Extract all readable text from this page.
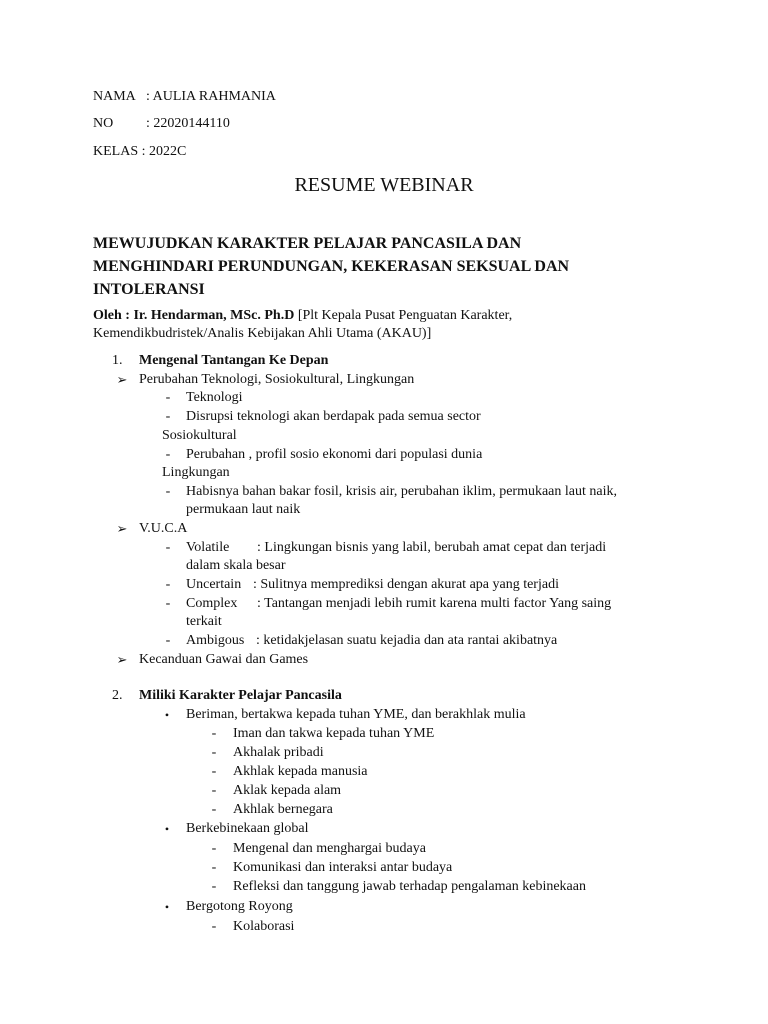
NAMA : AULIA RAHMANIA
NO : 22020144110
KELAS : 2022C
RESUME WEBINAR
MEWUJUDKAN KARAKTER PELAJAR PANCASILA DAN
MENGHINDARI PERUNDUNGAN, KEKERASAN SEKSUAL DAN
INTOLERANSI
Oleh : Ir. Hendarman, MSc. Ph.D [Plt Kepala Pusat Penguatan Karakter,
Kemendikbudristek/Analis Kebijakan Ahli Utama (AKAU)]
1. Mengenal Tantangan Ke Depan
➢ Perubahan Teknologi, Sosiokultural, Lingkungan
-	Teknologi
-	Disrupsi teknologi akan berdapak pada semua sector
Sosiokultural
-	Perubahan , profil sosio ekonomi dari populasi dunia
Lingkungan
-	Habisnya bahan bakar fosil, krisis air, perubahan iklim, permukaan laut naik,
permukaan laut naik
➢ V.U.C.A
-	Volatile : Lingkungan bisnis yang labil, berubah amat cepat dan terjadi
dalam skala besar
-	Uncertain : Sulitnya memprediksi dengan akurat apa yang terjadi
-	Complex : Tantangan menjadi lebih rumit karena multi factor Yang saing
terkait
-	Ambigous : ketidakjelasan suatu kejadia dan ata rantai akibatnya
➢ Kecanduan Gawai dan Games
2. Miliki Karakter Pelajar Pancasila
•	Beriman, bertakwa kepada tuhan YME, dan berakhlak mulia
-	Iman dan takwa kepada tuhan YME
-	Akhalak pribadi
-	Akhlak kepada manusia
-	Aklak kepada alam
-	Akhlak bernegara
•	Berkebinekaan global
-	Mengenal dan menghargai budaya
-	Komunikasi dan interaksi antar budaya
-	Refleksi dan tanggung jawab terhadap pengalaman kebinekaan
•	Bergotong Royong
-	Kolaborasi
